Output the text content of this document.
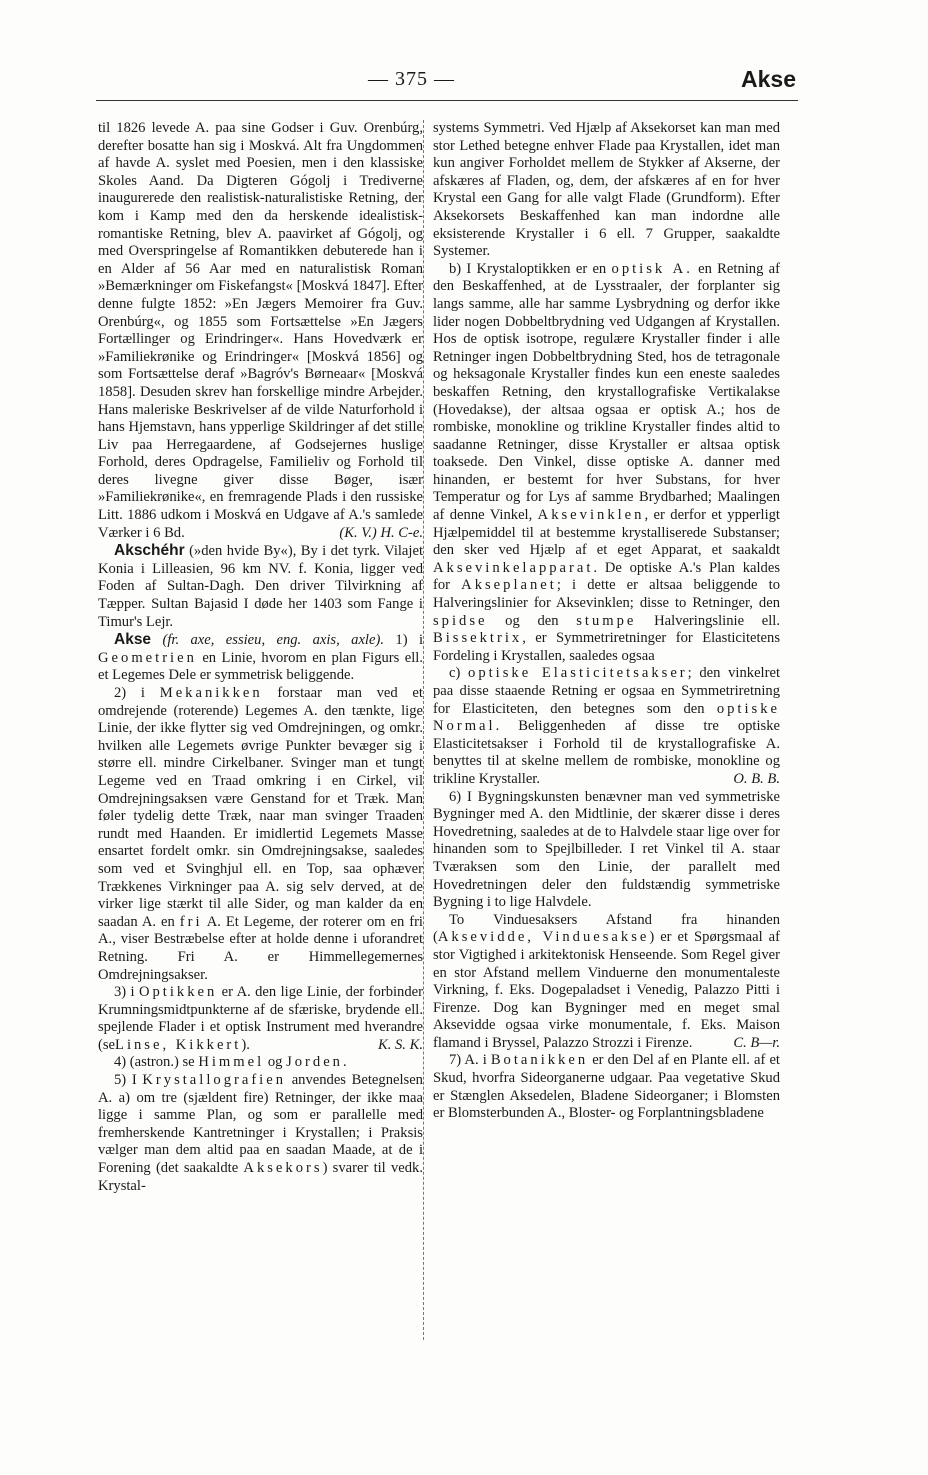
— 375 —	Akse

til 1826 levede A. paa sine Godser i Guv. Orenbúrg, derefter bosatte han sig i Moskvá. Alt fra Ungdommen af havde A. syslet med Poesien, men i den klassiske Skoles Aand. Da Digteren Gógolj i Trediverne inaugurerede den realistisk-naturalistiske Retning, der kom i Kamp med den da herskende idealistisk-romantiske Retning, blev A. paavirket af Gógolj, og med Overspringelse af Romantikken debuterede han i en Alder af 56 Aar med en naturalistisk Roman »Bemærkninger om Fiskefangst« [Moskvá 1847]. Efter denne fulgte 1852: »En Jægers Memoirer fra Guv. Orenbúrg«, og 1855 som Fortsættelse »En Jægers Fortællinger og Erindringer«. Hans Hovedværk er »Familiekrønike og Erindringer« [Moskvá 1856] og som Fortsættelse deraf »Bagróv's Børneaar« [Moskvá 1858]. Desuden skrev han forskellige mindre Arbejder. Hans maleriske Beskrivelser af de vilde Naturforhold i hans Hjemstavn, hans ypperlige Skildringer af det stille Liv paa Herregaardene, af Godsejernes huslige Forhold, deres Opdragelse, Familieliv og Forhold til deres livegne giver disse Bøger, især »Familiekrønike«, en fremragende Plads i den russiske Litt. 1886 udkom i Moskvá en Udgave af A.'s samlede Værker i 6 Bd.	(K. V.) H. C-e.

Akschéhr (»den hvide By«), By i det tyrk. Vilajet Konia i Lilleasien, 96 km NV. f. Konia, ligger ved Foden af Sultan-Dagh. Den driver Tilvirkning af Tæpper. Sultan Bajasid I døde her 1403 som Fange i Timur's Lejr.

Akse (fr. axe, essieu, eng. axis, axle). 1) i Geometrien en Linie, hvorom en plan Figurs ell. et Legemes Dele er symmetrisk beliggende.

2) i Mekanikken forstaar man ved et omdrejende (roterende) Legemes A. den tænkte, lige Linie, der ikke flytter sig ved Omdrejningen, og omkr. hvilken alle Legemets øvrige Punkter bevæger sig i større ell. mindre Cirkelbaner. Svinger man et tungt Legeme ved en Traad omkring i en Cirkel, vil Omdrejningsaksen være Genstand for et Træk. Man føler tydelig dette Træk, naar man svinger Traaden rundt med Haanden. Er imidlertid Legemets Masse ensartet fordelt omkr. sin Omdrejningsakse, saaledes som ved et Svinghjul ell. en Top, saa ophæver Trækkenes Virkninger paa A. sig selv derved, at de virker lige stærkt til alle Sider, og man kalder da en saadan A. en fri A. Et Legeme, der roterer om en fri A., viser Bestræbelse efter at holde denne i uforandret Retning. Fri A. er Himmellegemernes Omdrejningsakser.

3) i Optikken er A. den lige Linie, der forbinder Krumningsmidtpunkterne af de sfæriske, brydende ell. spejlende Flader i et optisk Instrument med hverandre (seLinse, Kikkert).	K. S. K.

4) (astron.) se Himmel og Jorden.

5) I Krystallografien anvendes Betegnelsen A. a) om tre (sjældent fire) Retninger, der ikke maa ligge i samme Plan, og som er parallelle med fremherskende Kantretninger i Krystallen; i Praksis vælger man dem altid paa en saadan Maade, at de i Forening (det saakaldte Aksekors) svarer til vedk. Krystal-

systems Symmetri. Ved Hjælp af Aksekorset kan man med stor Lethed betegne enhver Flade paa Krystallen, idet man kun angiver Forholdet mellem de Stykker af Akserne, der afskæres af Fladen, og, dem, der afskæres af en for hver Krystal een Gang for alle valgt Flade (Grundform). Efter Aksekorsets Beskaffenhed kan man indordne alle eksisterende Krystaller i 6 ell. 7 Grupper, saakaldte Systemer.

b) I Krystaloptikken er en optisk A. en Retning af den Beskaffenhed, at de Lysstraaler, der forplanter sig langs samme, alle har samme Lysbrydning og derfor ikke lider nogen Dobbeltbrydning ved Udgangen af Krystallen. Hos de optisk isotrope, regulære Krystaller finder i alle Retninger ingen Dobbeltbrydning Sted, hos de tetragonale og heksagonale Krystaller findes kun een eneste saaledes beskaffen Retning, den krystallografiske Vertikalakse (Hovedakse), der altsaa ogsaa er optisk A.; hos de rombiske, monokline og trikline Krystaller findes altid to saadanne Retninger, disse Krystaller er altsaa optisk toaksede. Den Vinkel, disse optiske A. danner med hinanden, er bestemt for hver Substans, for hver Temperatur og for Lys af samme Brydbarhed; Maalingen af denne Vinkel, Aksevinklen, er derfor et ypperligt Hjælpemiddel til at bestemme krystalliserede Substanser; den sker ved Hjælp af et eget Apparat, et saakaldt Aksevinkelapparat. De optiske A.'s Plan kaldes for Akseplanet; i dette er altsaa beliggende to Halveringslinier for Aksevinklen; disse to Retninger, den spidse og den stumpe Halveringslinie ell. Bissektrix, er Symmetriretninger for Elasticitetens Fordeling i Krystallen, saaledes ogsaa

c) optiske Elasticitetsakser; den vinkelret paa disse staaende Retning er ogsaa en Symmetriretning for Elasticiteten, den betegnes som den optiske Normal. Beliggenheden af disse tre optiske Elasticitetsakser i Forhold til de krystallografiske A. benyttes til at skelne mellem de rombiske, monokline og trikline Krystaller.	O. B. B.

6) I Bygningskunsten benævner man ved symmetriske Bygninger med A. den Midtlinie, der skærer disse i deres Hovedretning, saaledes at de to Halvdele staar lige over for hinanden som to Spejlbilleder. I ret Vinkel til A. staar Tværaksen som den Linie, der parallelt med Hovedretningen deler den fuldstændig symmetriske Bygning i to lige Halvdele.

To Vinduesaksers Afstand fra hinanden (Aksevidde, Vinduesakse) er et Spørgsmaal af stor Vigtighed i arkitektonisk Henseende. Som Regel giver en stor Afstand mellem Vinduerne den monumentaleste Virkning, f. Eks. Dogepaladset i Venedig, Palazzo Pitti i Firenze. Dog kan Bygninger med en meget smal Aksevidde ogsaa virke monumentale, f. Eks. Maison flamand i Bryssel, Palazzo Strozzi i Firenze.	C. B—r.

7) A. i Botanikken er den Del af en Plante ell. af et Skud, hvorfra Sideorganerne udgaar. Paa vegetative Skud er Stænglen Aksedelen, Bladene Sideorganer; i Blomsten er Blomsterbunden A., Bloster- og Forplantningsbladene
